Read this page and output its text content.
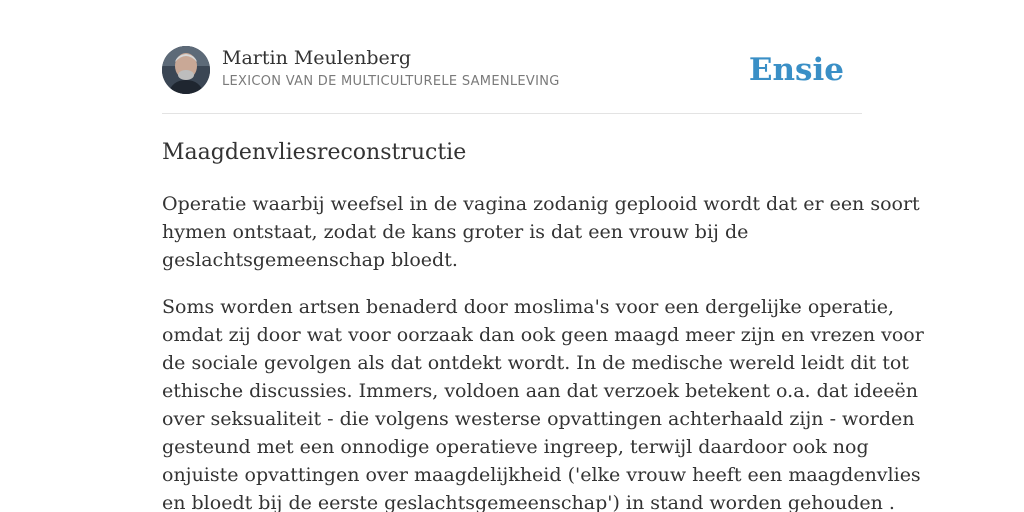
Martin Meulenberg
LEXICON VAN DE MULTICULTURELE SAMENLEVING	Ensie
Maagdenvliesreconstructie

Operatie waarbij weefsel in de vagina zodanig geplooid wordt dat er een soort
hymen ontstaat, zodat de kans groter is dat een vrouw bij de
geslachtsgemeenschap bloedt.

Soms worden artsen benaderd door moslima's voor een dergelijke operatie,
omdat zij door wat voor oorzaak dan ook geen maagd meer zijn en vrezen voor
de sociale gevolgen als dat ontdekt wordt. In de medische wereld leidt dit tot
ethische discussies. Immers, voldoen aan dat verzoek betekent o.a. dat ideeën
over seksualiteit - die volgens westerse opvattingen achterhaald zijn - worden
gesteund met een onnodige operatieve ingreep, terwijl daardoor ook nog
onjuiste opvattingen over maagdelijkheid ('elke vrouw heeft een maagdenvlies
en bloedt bij de eerste geslachtsgemeenschap') in stand worden gehouden .
